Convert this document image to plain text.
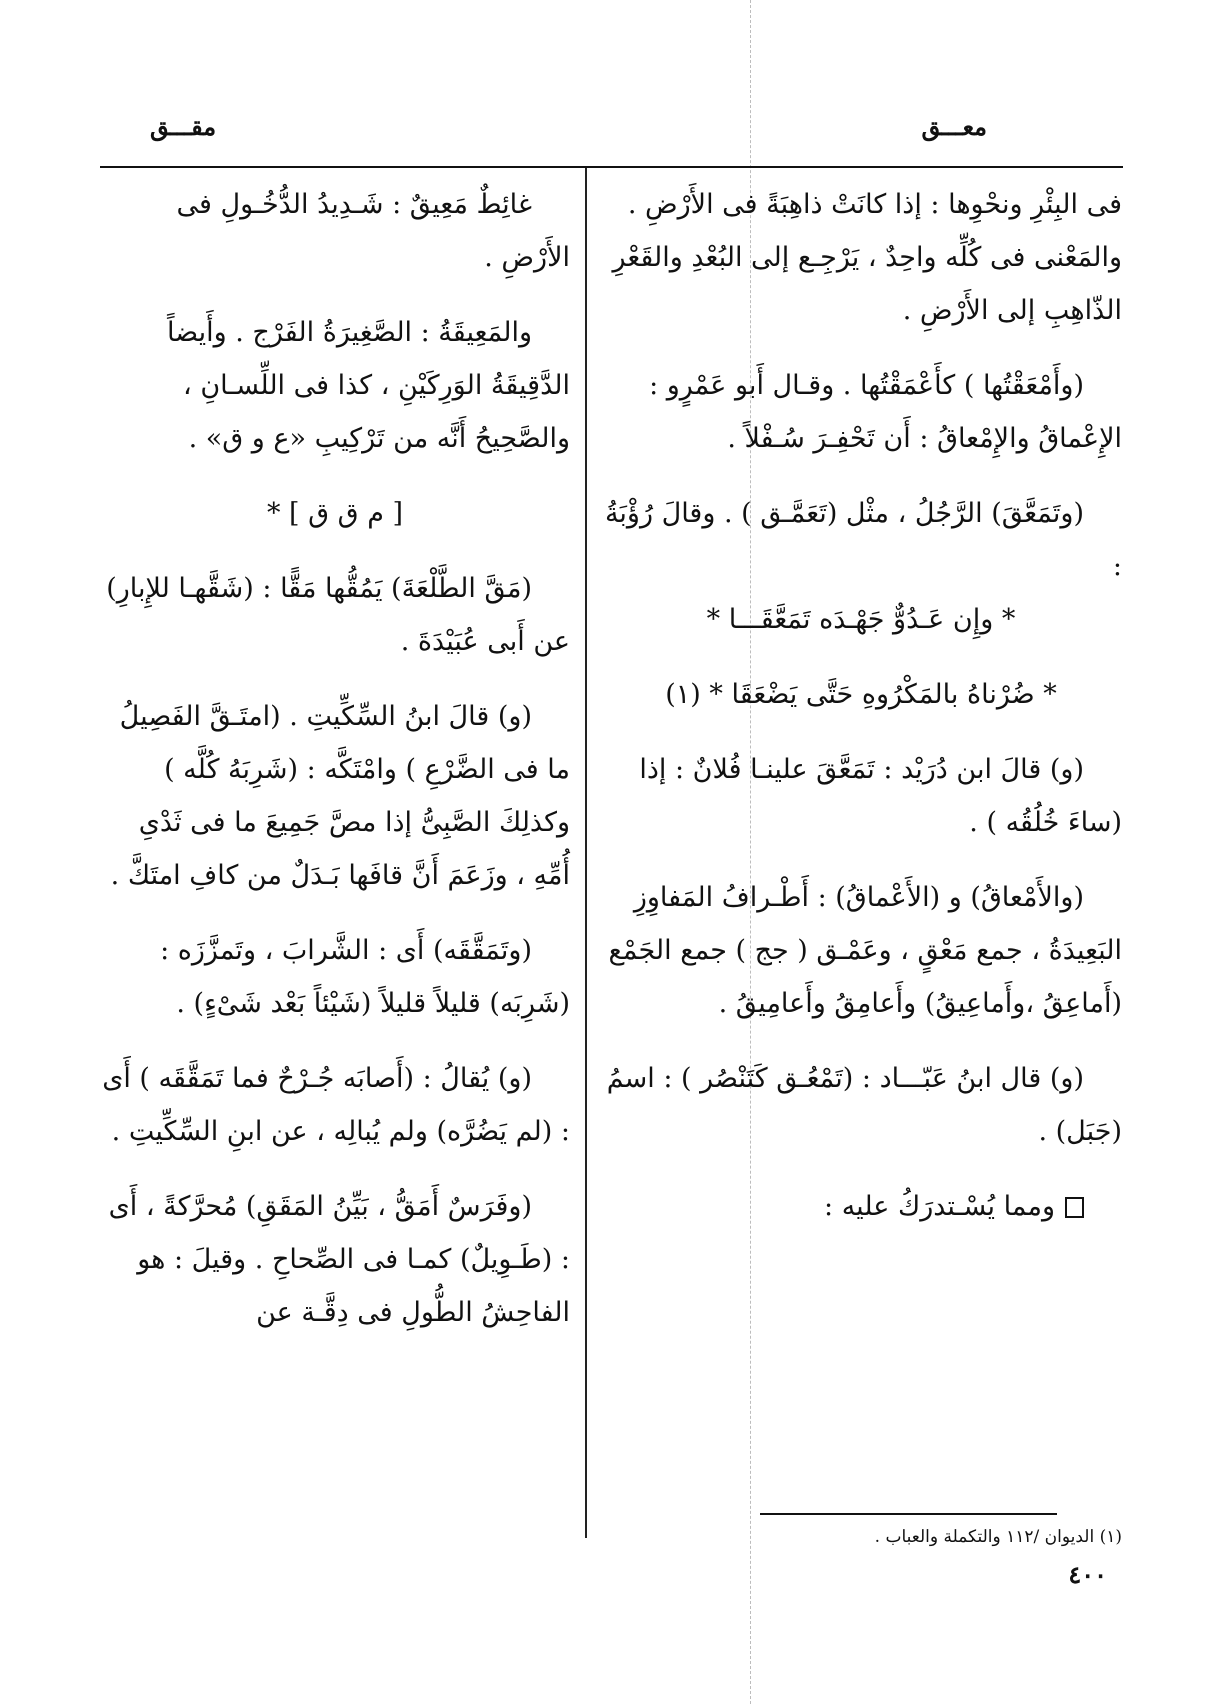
معـــق
مقـــق

فى البِئْرِ ونحْوِها : إذا كانَتْ ذاهِبَةً فى الأَرْضِ . والمَعْنى فى كُلِّه واحِدٌ ، يَرْجِـع إلى البُعْدِ والقَعْرِ الذّاهِبِ إلى الأَرْضِ .

(وأَمْعَقْتُها ) كأَعْمَقْتُها . وقـال أَبو عَمْرٍو : الإِعْماقُ والإِمْعاقُ : أَن تَحْفِـرَ سُـفْلاً .

(وتَمَعَّقَ) الرَّجُلُ ، مثْل (تَعَمَّـق ) . وقالَ رُؤْبَةُ :

* وإِن عَـدُوٌّ جَهْـدَه تَمَعَّقَـــا *

* ضُرْناهُ بالمَكْرُوهِ حَتَّى يَضْعَقَا * (١)

(و) قالَ ابن دُرَيْد : تَمَعَّقَ علينـا فُلانٌ : إذا (ساءَ خُلُقُه ) .

(والأَمْعاقُ) و (الأَعْماقُ) : أَطْـرافُ المَفاوِزِ البَعِيدَةُ ، جمع مَعْقٍ ، وعَمْـق ( جج ) جمع الجَمْع (أَماعِقُ ،وأَماعِيقُ) وأَعامِقُ وأَعامِيقُ .

(و) قال ابنُ عَبّـــاد : (تَمْعُـق كَتَنْصُر ) : اسمُ (جَبَل) .

ومما يُسْـتدرَكُ عليه :

غائِطٌ مَعِيقٌ : شَـدِيدُ الدُّخُـولِ فى الأَرْضِ .

والمَعِيقَةُ : الصَّغِيرَةُ الفَرْج . وأَيضاً الدَّقِيقَةُ الوَرِكَيْنِ ، كذا فى اللِّسـانِ ، والصَّحِيحُ أَنَّه من تَرْكِيبِ «ع و ق» .

[ م ق ق ] *

(مَقَّ الطَّلْعَةَ) يَمُقُّها مَقًّا : (شَقَّهـا للإِبارِ) عن أَبى عُبَيْدَةَ .

(و) قالَ ابنُ السِّكِّيتِ . (امتَـقَّ الفَصِيلُ ما فى الضَّرْعِ ) وامْتَكَّه : (شَرِبَهُ كُلَّه ) وكذلِكَ الصَّبِىُّ إذا مصَّ جَمِيعَ ما فى ثَدْىِ أُمِّهِ ، وزَعَمَ أَنَّ قافَها بَـدَلٌ من كافِ امتَكَّ .

(وتَمَقَّقَه) أَى : الشَّرابَ ، وتَمزَّزَه : (شَرِبَه) قليلاً قليلاً (شَيْئاً بَعْد شَىْءٍ) .

(و) يُقالُ : (أَصابَه جُـرْحٌ فما تَمَقَّقَه ) أَى : (لم يَضُرَّه) ولم يُبالِه ، عن ابنِ السِّكِّيتِ .

(وفَرَسٌ أَمَقُّ ، بَيِّنُ المَقَقِ) مُحرَّكةً ، أَى : (طَـوِيلٌ) كمـا فى الصِّحاحِ . وقيلَ : هو الفاحِشُ الطُّولِ فى دِقَّـة عن

(١) الديوان /١١٢ والتكملة والعباب .
٤٠٠
